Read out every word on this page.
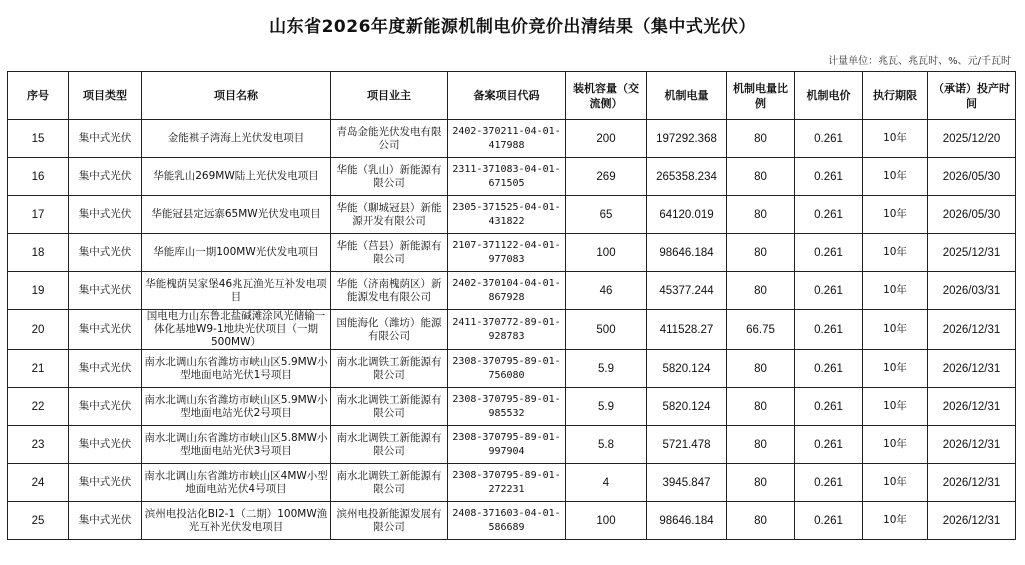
山东省2026年度新能源机制电价竞价出清结果（集中式光伏）
计量单位：兆瓦、兆瓦时、%、元/千瓦时
序号	项目类型	项目名称	项目业主	备案项目代码	装机容量（交流侧）	机制电量	机制电量比例	机制电价	执行期限	（承诺）投产时间
15	集中式光伏	金能褀子湾海上光伏发电项目	青岛金能光伏发电有限公司	2402-370211-04-01-417988	200	197292.368	80	0.261	10年	2025/12/20
16	集中式光伏	华能乳山269MW陆上光伏发电项目	华能（乳山）新能源有限公司	2311-371083-04-01-671505	269	265358.234	80	0.261	10年	2026/05/30
17	集中式光伏	华能冠县定远寨65MW光伏发电项目	华能（聊城冠县）新能源开发有限公司	2305-371525-04-01-431822	65	64120.019	80	0.261	10年	2026/05/30
18	集中式光伏	华能库山一期100MW光伏发电项目	华能（莒县）新能源有限公司	2107-371122-04-01-977083	100	98646.184	80	0.261	10年	2025/12/31
19	集中式光伏	华能槐荫吴家堡46兆瓦渔光互补发电项目	华能（济南槐荫区）新能源发电有限公司	2402-370104-04-01-867928	46	45377.244	80	0.261	10年	2026/03/31
20	集中式光伏	国电电力山东鲁北盐碱滩涂风光储输一体化基地W9-1地块光伏项目（一期500MW）	国能海化（潍坊）能源有限公司	2411-370772-89-01-928783	500	411528.27	66.75	0.261	10年	2026/12/31
21	集中式光伏	南水北调山东省潍坊市峡山区5.9MW小型地面电站光伏1号项目	南水北调铁工新能源有限公司	2308-370795-89-01-756080	5.9	5820.124	80	0.261	10年	2026/12/31
22	集中式光伏	南水北调山东省潍坊市峡山区5.9MW小型地面电站光伏2号项目	南水北调铁工新能源有限公司	2308-370795-89-01-985532	5.9	5820.124	80	0.261	10年	2026/12/31
23	集中式光伏	南水北调山东省潍坊市峡山区5.8MW小型地面电站光伏3号项目	南水北调铁工新能源有限公司	2308-370795-89-01-997904	5.8	5721.478	80	0.261	10年	2026/12/31
24	集中式光伏	南水北调山东省潍坊市峡山区4MW小型地面电站光伏4号项目	南水北调铁工新能源有限公司	2308-370795-89-01-272231	4	3945.847	80	0.261	10年	2026/12/31
25	集中式光伏	滨州电投沾化BI2-1（二期）100MW渔光互补光伏发电项目	滨州电投新能源发展有限公司	2408-371603-04-01-586689	100	98646.184	80	0.261	10年	2026/12/31
